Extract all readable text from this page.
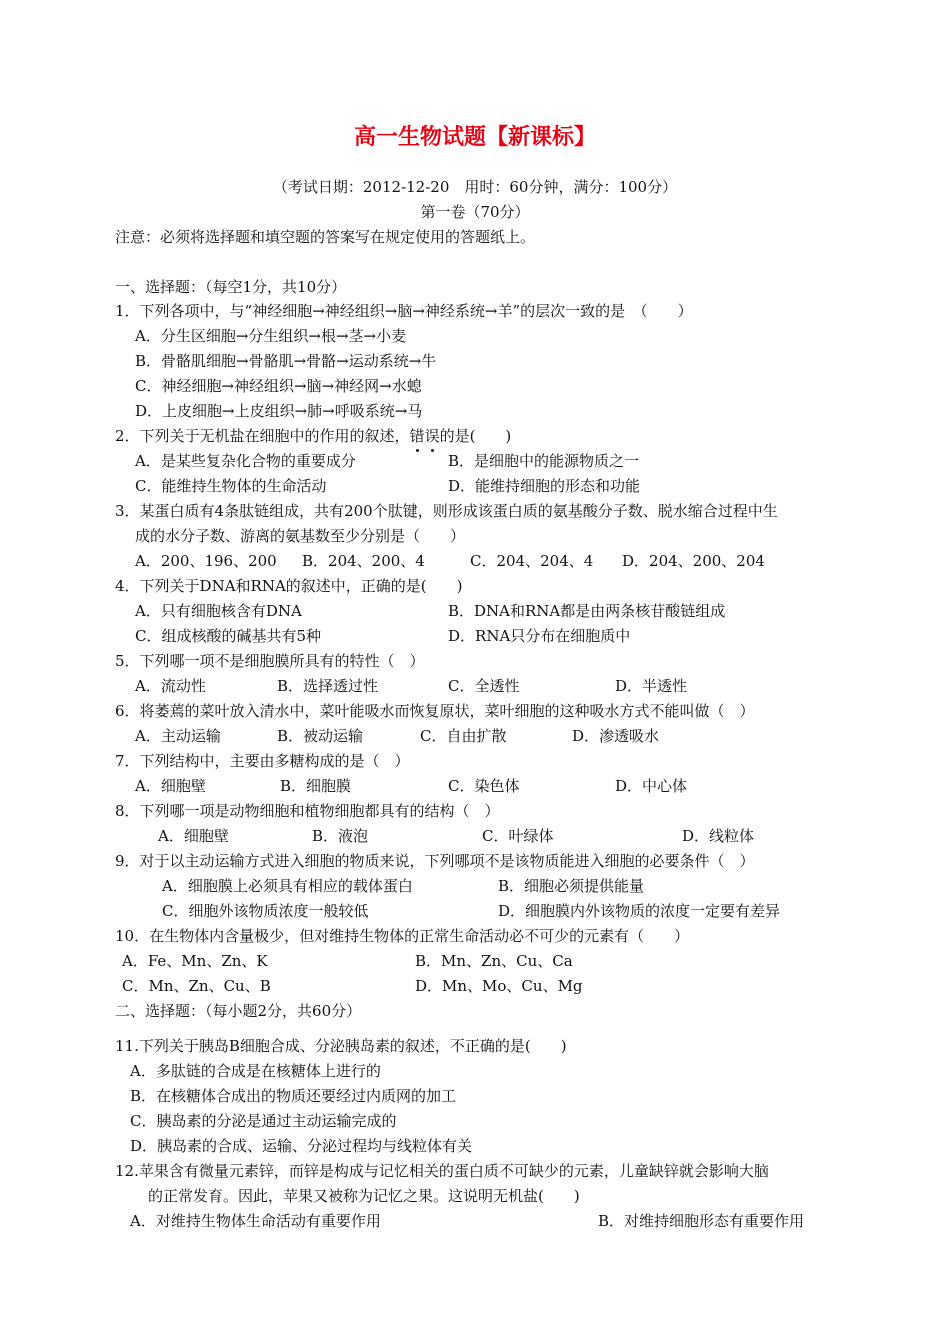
高一生物试题【新课标】
（考试日期：2012-12-20　用时：60分钟，满分：100分）
第一卷（70分）
注意：必须将选择题和填空题的答案写在规定使用的答题纸上。
一、选择题：（每空1分，共10分）
1．下列各项中，与“神经细胞→神经组织→脑→神经系统→羊”的层次一致的是　（　　）
A．分生区细胞→分生组织→根→茎→小麦
B．骨骼肌细胞→骨骼肌→骨骼→运动系统→牛
C．神经细胞→神经组织→脑→神经网→水螅
D．上皮细胞→上皮组织→肺→呼吸系统→马
2．下列关于无机盐在细胞中的作用的叙述，错误的是(　　)
A．是某些复杂化合物的重要成分	B．是细胞中的能源物质之一
C．能维持生物体的生命活动	D．能维持细胞的形态和功能
3．某蛋白质有4条肽链组成，共有200个肽键，则形成该蛋白质的氨基酸分子数、脱水缩合过程中生
成的水分子数、游离的氨基数至少分别是（　　）
A．200、196、200 B．204、200、4	C．204、204、4 D．204、200、204
4．下列关于DNA和RNA的叙述中，正确的是(　　)
A．只有细胞核含有DNA	B．DNA和RNA都是由两条核苷酸链组成
C．组成核酸的碱基共有5种	D．RNA只分布在细胞质中
5．下列哪一项不是细胞膜所具有的特性（　）
A．流动性	B．选择透过性	C．全透性	D．半透性
6．将萎蔫的菜叶放入清水中，菜叶能吸水而恢复原状，菜叶细胞的这种吸水方式不能叫做（　）
A．主动运输	B．被动运输	C．自由扩散	D．渗透吸水
7．下列结构中，主要由多糖构成的是（　）
A．细胞壁	B．细胞膜	C．染色体	D．中心体
8．下列哪一项是动物细胞和植物细胞都具有的结构（　）
A．细胞壁	B．液泡	C．叶绿体	D．线粒体
9．对于以主动运输方式进入细胞的物质来说，下列哪项不是该物质能进入细胞的必要条件（　）
A．细胞膜上必须具有相应的载体蛋白	B．细胞必须提供能量
C．细胞外该物质浓度一般较低	D．细胞膜内外该物质的浓度一定要有差异
10．在生物体内含量极少，但对维持生物体的正常生命活动必不可少的元素有（　　）
A．Fe、Mn、Zn、K	B．Mn、Zn、Cu、Ca
C．Mn、Zn、Cu、B	D．Mn、Mo、Cu、Mg
二、选择题：（每小题2分，共60分）
11.下列关于胰岛B细胞合成、分泌胰岛素的叙述，不正确的是(　　)
A．多肽链的合成是在核糖体上进行的
B．在核糖体合成出的物质还要经过内质网的加工
C．胰岛素的分泌是通过主动运输完成的
D．胰岛素的合成、运输、分泌过程均与线粒体有关
12.苹果含有微量元素锌，而锌是构成与记忆相关的蛋白质不可缺少的元素，儿童缺锌就会影响大脑
的正常发育。因此，苹果又被称为记忆之果。这说明无机盐(　　)
A．对维持生物体生命活动有重要作用	B．对维持细胞形态有重要作用
